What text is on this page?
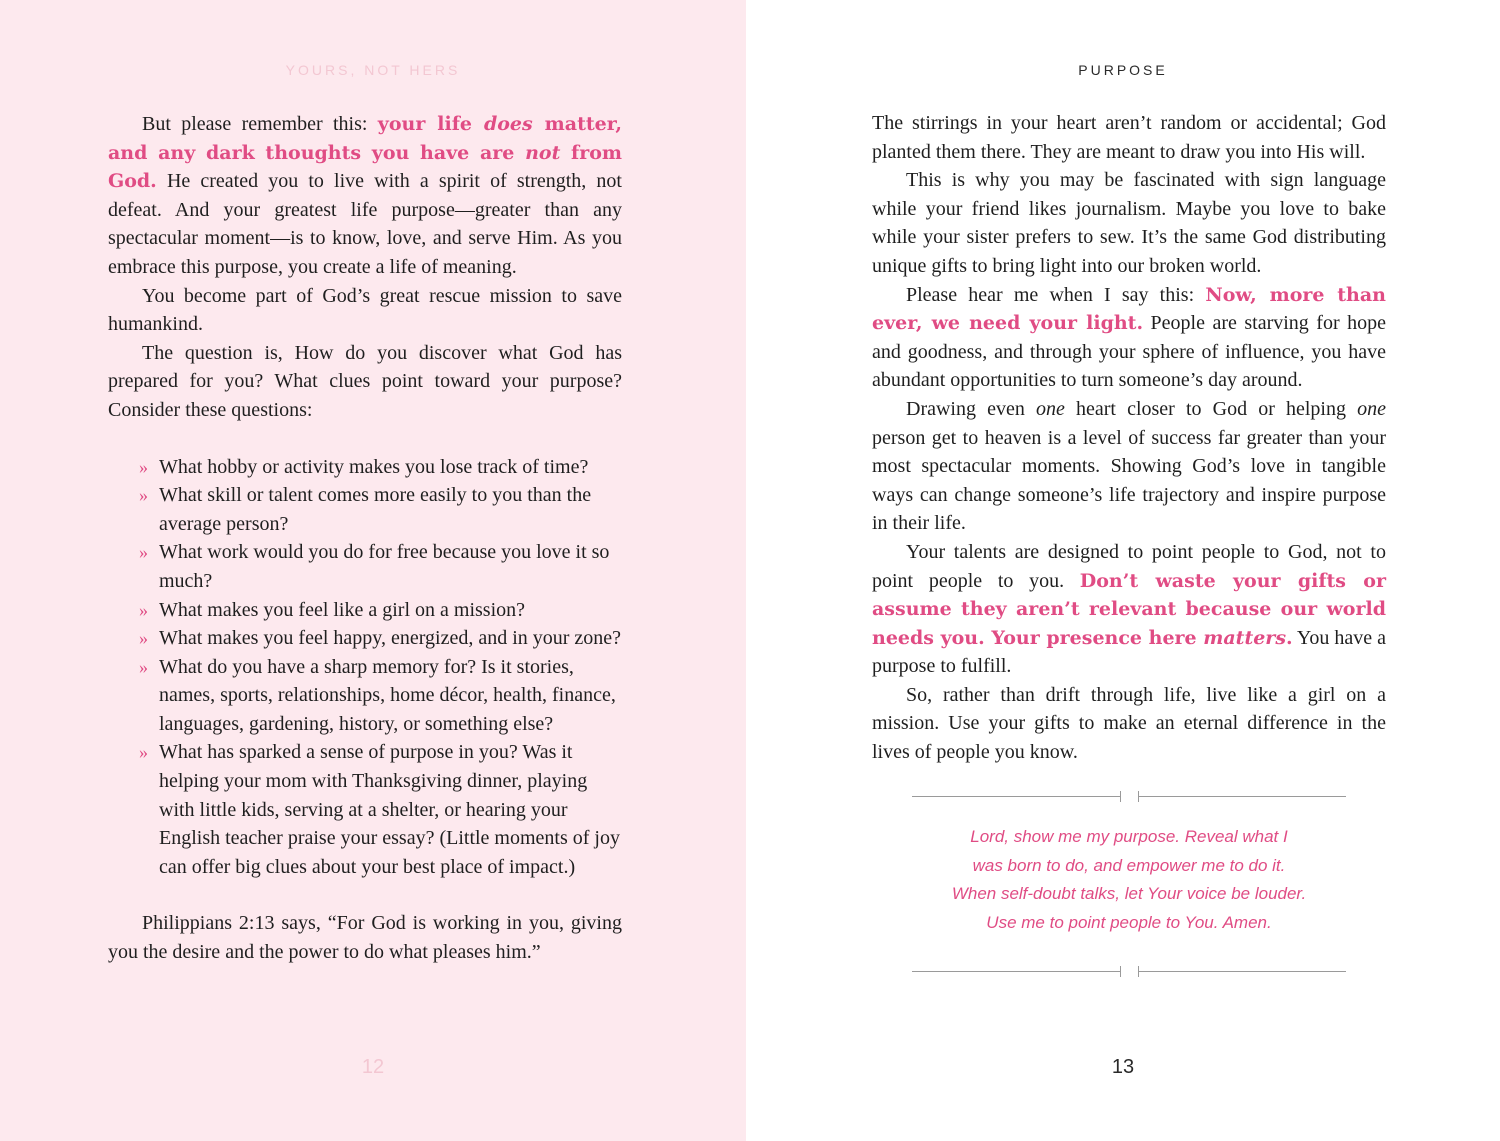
YOURS, NOT HERS

But please remember this: your life does matter, and any dark thoughts you have are not from God. He created you to live with a spirit of strength, not defeat. And your greatest life purpose—greater than any spectacular moment—is to know, love, and serve Him. As you embrace this purpose, you create a life of meaning.

You become part of God’s great rescue mission to save humankind.

The question is, How do you discover what God has prepared for you? What clues point toward your purpose? Consider these questions:

» What hobby or activity makes you lose track of time?
» What skill or talent comes more easily to you than the average person?
» What work would you do for free because you love it so much?
» What makes you feel like a girl on a mission?
» What makes you feel happy, energized, and in your zone?
» What do you have a sharp memory for? Is it stories, names, sports, relationships, home décor, health, finance, languages, gardening, history, or something else?
» What has sparked a sense of purpose in you? Was it helping your mom with Thanksgiving dinner, playing with little kids, serving at a shelter, or hearing your English teacher praise your essay? (Little moments of joy can offer big clues about your best place of impact.)

Philippians 2:13 says, “For God is working in you, giving you the desire and the power to do what pleases him.”

12
PURPOSE

The stirrings in your heart aren’t random or accidental; God planted them there. They are meant to draw you into His will.

This is why you may be fascinated with sign language while your friend likes journalism. Maybe you love to bake while your sister prefers to sew. It’s the same God distributing unique gifts to bring light into our broken world.

Please hear me when I say this: Now, more than ever, we need your light. People are starving for hope and goodness, and through your sphere of influence, you have abundant opportunities to turn someone’s day around.

Drawing even one heart closer to God or helping one person get to heaven is a level of success far greater than your most spectacular moments. Showing God’s love in tangible ways can change someone’s life trajectory and inspire purpose in their life.

Your talents are designed to point people to God, not to point people to you. Don’t waste your gifts or assume they aren’t relevant because our world needs you. Your presence here matters. You have a purpose to fulfill.

So, rather than drift through life, live like a girl on a mission. Use your gifts to make an eternal difference in the lives of people you know.

Lord, show me my purpose. Reveal what I
was born to do, and empower me to do it.
When self-doubt talks, let Your voice be louder.
Use me to point people to You. Amen.
13
